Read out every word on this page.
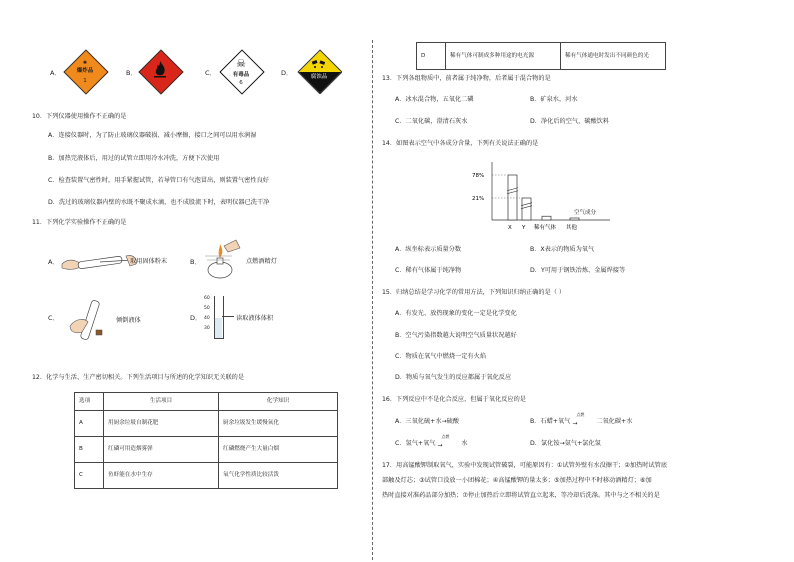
A．
✺
爆炸品
1
B．	C．
☠
有毒品
6
D．	腐蚀品
10．下列仪器使用操作不正确的是
A．连接仪器时，为了防止玻璃仪器破损、减小摩擦，接口之间可以用水润湿
B．加热完液体后，用过的试管立即用冷水冲洗，方便下次使用
C．检查装置气密性时，用手紧握试管，若导管口有气泡冒出，则装置气密性良好
D．洗过的玻璃仪器内壁的水既不聚成水滴，也不成股流下时，表明仪器已洗干净
11．下列化学实验操作不正确的是
A．	取用固体粉末	B．	点燃酒精灯
C．	倾倒液体	D．
60
50
40
30
读取液体体积
12．化学与生活、生产密切相关。下列生活项目与所述的化学知识无关联的是
选项	生活项目	化学知识
A	用厨余垃圾自制花肥	厨余垃圾发生缓慢氧化
B	红磷可用造烟雾弹	红磷燃烧产生大量白烟
C	鱼虾能在水中生存	氧气化学性质比较活泼
D	稀有气体可制成多种用途的电光源	稀有气体通电时发出不同颜色的光
13．下列各组物质中，前者属于纯净物，后者属于混合物的是
A．冰水混合物，五氧化二磷	B．矿泉水，河水
C．二氧化碳，澄清石灰水	D．净化后的空气，碳酸饮料
14．如图表示空气中各成分含量，下列有关说法正确的是
78%
21%
X Y 稀有气体 其他
空气成分
A．纵坐标表示质量分数	B．X表示的物质为氧气
C．稀有气体属于纯净物	D．Y可用于钢铁冶炼、金属焊接等
15．归纳总结是学习化学的常用方法，下列知识归纳正确的是（ ）
A．有发光、放热现象的变化一定是化学变化
B．空气污染指数越大说明空气质量状况越好
C．物质在氧气中燃烧一定有火焰
D．物质与氧气发生的反应都属于氧化反应
16．下列反应中不是化合反应，但属于氧化反应的是
A．三氧化硫+水→硫酸	B．石蜡+氧气
点燃
→	二氧化碳+水
C．氢气+氧气
点燃
→	水	D．氯化铵→氨气+氯化氢
17．用高锰酸钾制取氧气，实验中发现试管破裂，可能原因有：①试管外壁有水没擦干；②加热时试管底
部触及灯芯；③试管口没放一小团棉花；④高锰酸钾的量太多；⑤加热过程中不时移动酒精灯；⑥加
热时直接对准药品部分加热；⑦停止加热后立即将试管直立起来，等冷却后洗涤。其中与之不相关的是
